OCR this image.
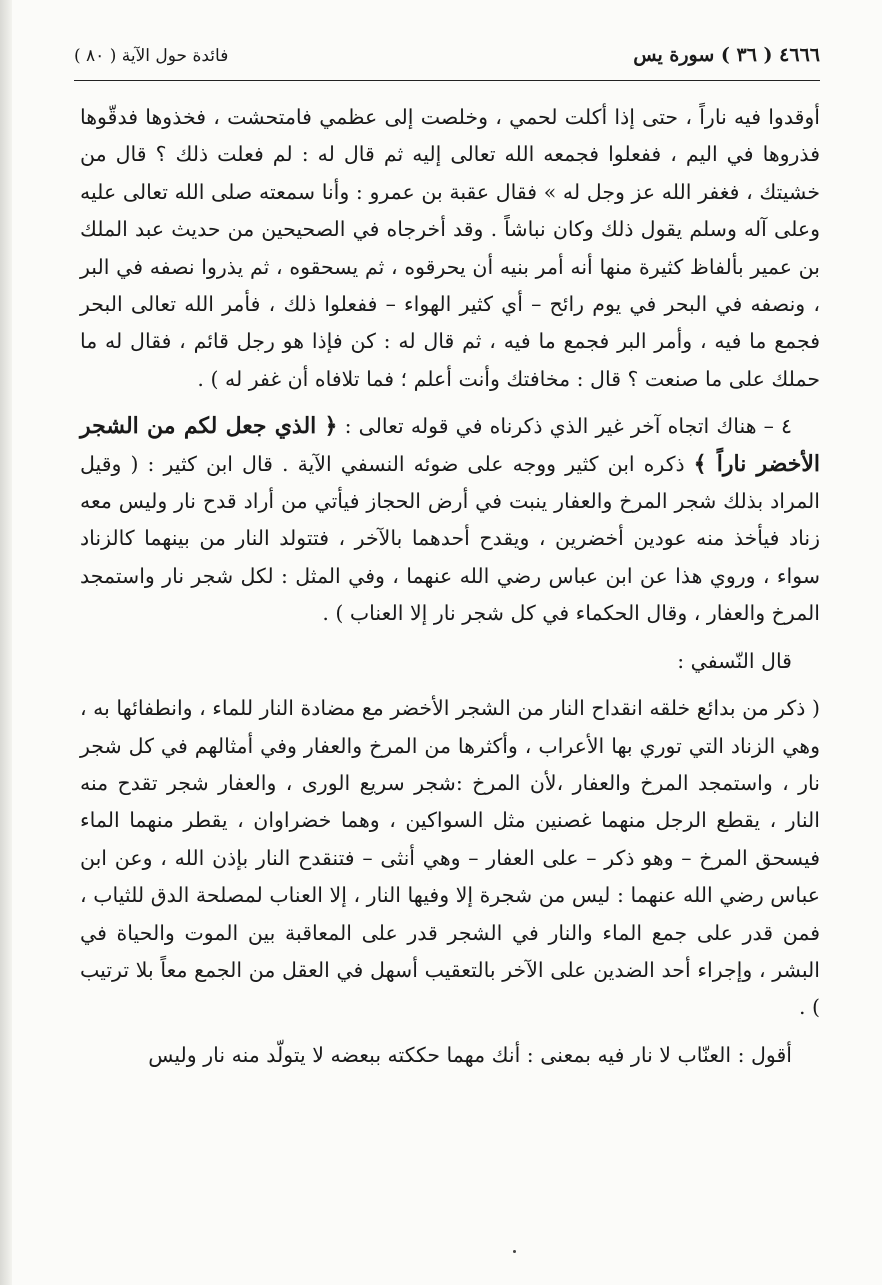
٤٦٦٦ ( ٣٦ ) سورة يس
فائدة حول الآية ( ٨٠ )

أوقدوا فيه ناراً ، حتى إذا أكلت لحمي ، وخلصت إلى عظمي فامتحشت ، فخذوها فدقّوها فذروها في اليم ، ففعلوا فجمعه الله تعالى إليه ثم قال له : لم فعلت ذلك ؟ قال من خشيتك ، فغفر الله عز وجل له » فقال عقبة بن عمرو : وأنا سمعته صلى الله تعالى عليه وعلى آله وسلم يقول ذلك وكان نباشاً . وقد أخرجاه في الصحيحين من حديث عبد الملك بن عمير بألفاظ كثيرة منها أنه أمر بنيه أن يحرقوه ، ثم يسحقوه ، ثم يذروا نصفه في البر ، ونصفه في البحر في يوم رائح – أي كثير الهواء – ففعلوا ذلك ، فأمر الله تعالى البحر فجمع ما فيه ، وأمر البر فجمع ما فيه ، ثم قال له : كن فإذا هو رجل قائم ، فقال له ما حملك على ما صنعت ؟ قال : مخافتك وأنت أعلم ؛ فما تلافاه أن غفر له ) .

٤ – هناك اتجاه آخر غير الذي ذكرناه في قوله تعالى : ﴿ الذي جعل لكم من الشجر الأخضر ناراً ﴾ ذكره ابن كثير ووجه على ضوئه النسفي الآية . قال ابن كثير : ( وقيل المراد بذلك شجر المرخ والعفار ينبت في أرض الحجاز فيأتي من أراد قدح نار وليس معه زناد فيأخذ منه عودين أخضرين ، ويقدح أحدهما بالآخر ، فتتولد النار من بينهما كالزناد سواء ، وروي هذا عن ابن عباس رضي الله عنهما ، وفي المثل : لكل شجر نار واستمجد المرخ والعفار ، وقال الحكماء في كل شجر نار إلا العناب ) .

قال النّسفي :

( ذكر من بدائع خلقه انقداح النار من الشجر الأخضر مع مضادة النار للماء ، وانطفائها به ، وهي الزناد التي توري بها الأعراب ، وأكثرها من المرخ والعفار وفي أمثالهم في كل شجر نار ، واستمجد المرخ والعفار ،لأن المرخ :شجر سريع الورى ، والعفار شجر تقدح منه النار ، يقطع الرجل منهما غصنين مثل السواكين ، وهما خضراوان ، يقطر منهما الماء فيسحق المرخ – وهو ذكر – على العفار – وهي أنثى – فتنقدح النار بإذن الله ، وعن ابن عباس رضي الله عنهما : ليس من شجرة إلا وفيها النار ، إلا العناب لمصلحة الدق للثياب ، فمن قدر على جمع الماء والنار في الشجر قدر على المعاقبة بين الموت والحياة في البشر ، وإجراء أحد الضدين على الآخر بالتعقيب أسهل في العقل من الجمع معاً بلا ترتيب ) .

أقول : العنّاب لا نار فيه بمعنى : أنك مهما حككته ببعضه لا يتولّد منه نار وليس
